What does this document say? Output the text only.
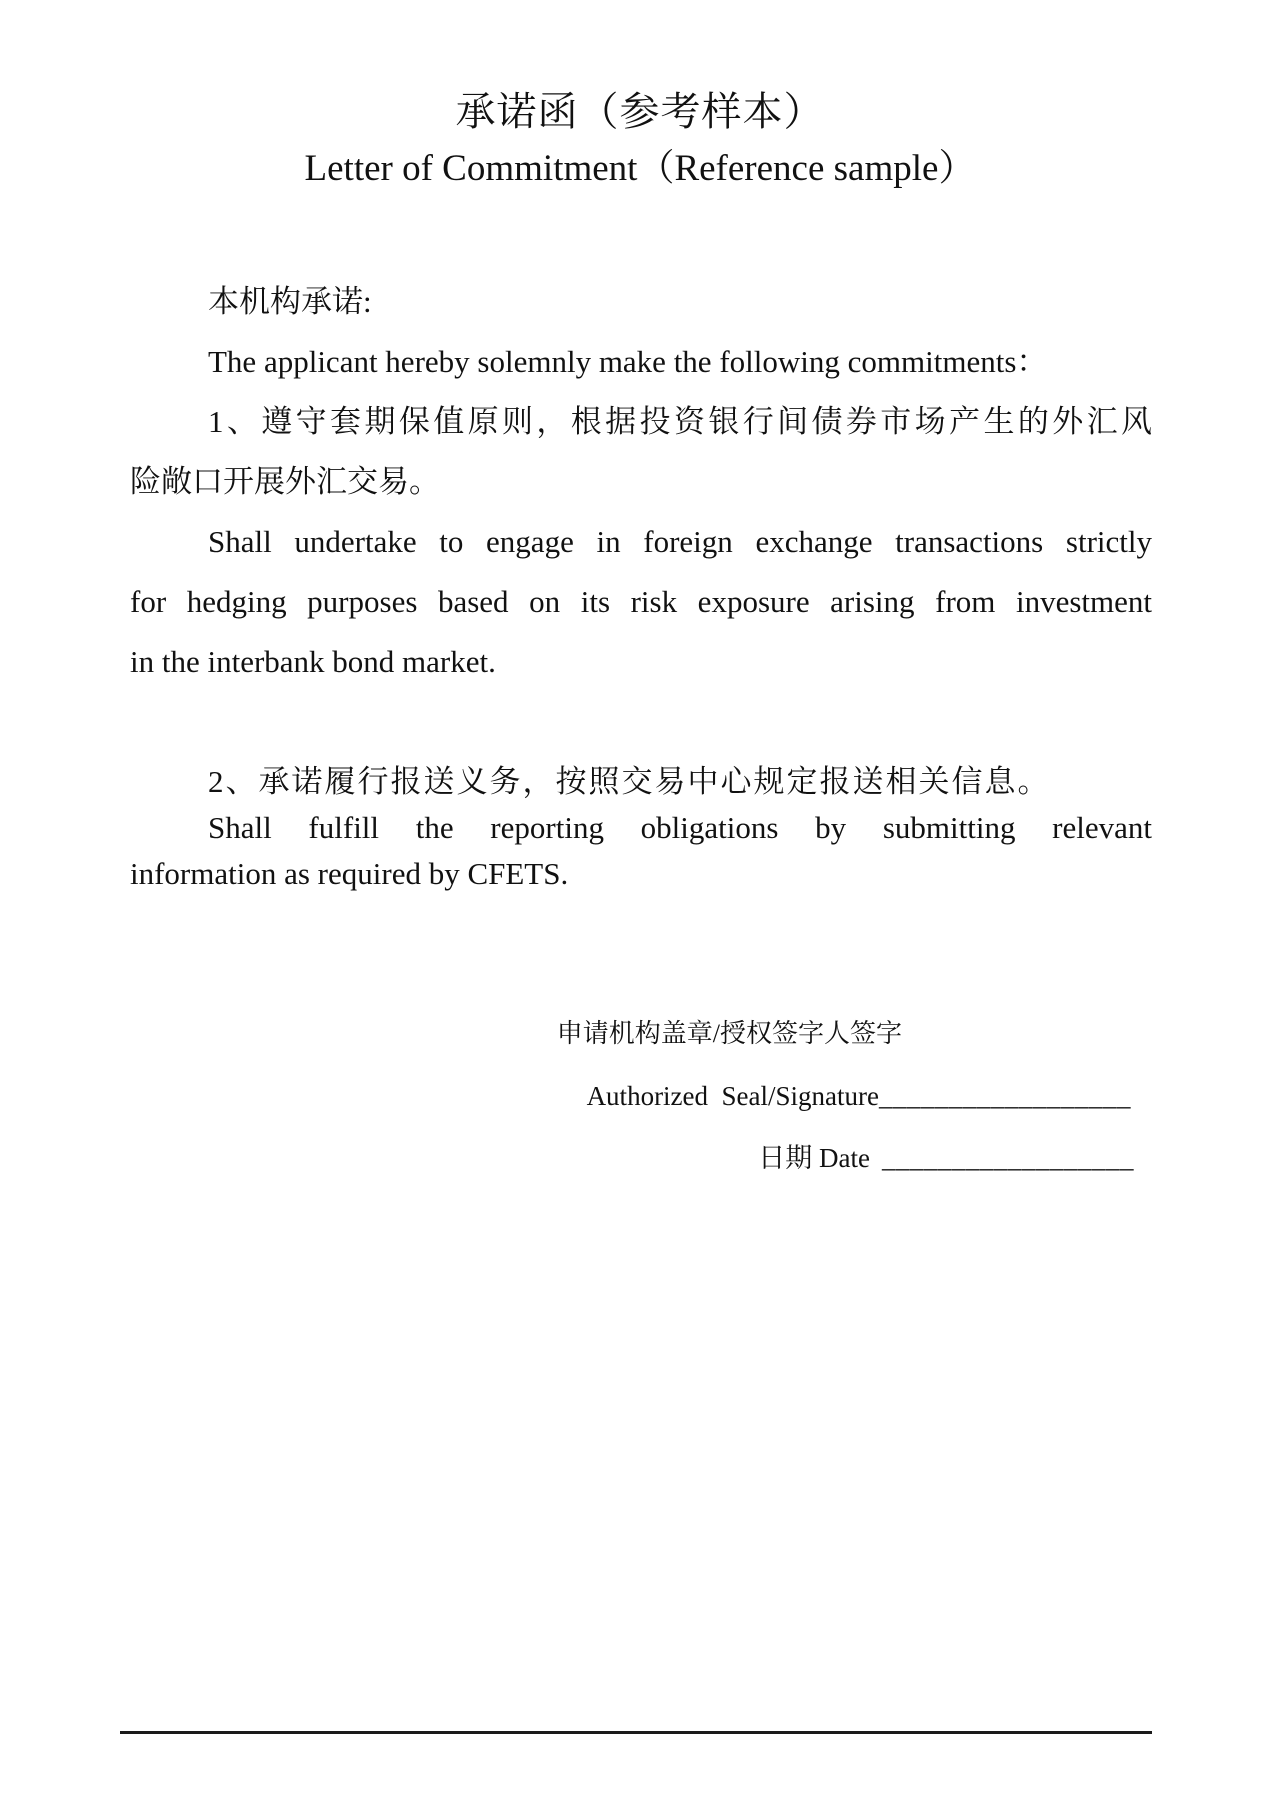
承诺函（参考样本）
Letter of Commitment（Reference sample）
本机构承诺:
The applicant hereby solemnly make the following commitments：
1、遵守套期保值原则，根据投资银行间债券市场产生的外汇风
险敞口开展外汇交易。
Shall undertake to engage in foreign exchange transactions strictly
for hedging purposes based on its risk exposure arising from investment
in the interbank bond market.
2、承诺履行报送义务，按照交易中心规定报送相关信息。
Shall fulfill the reporting obligations by submitting relevant
information as required by CFETS.
申请机构盖章/授权签字人签字
Authorized  Seal/Signature__________________
日期 Date __________________
